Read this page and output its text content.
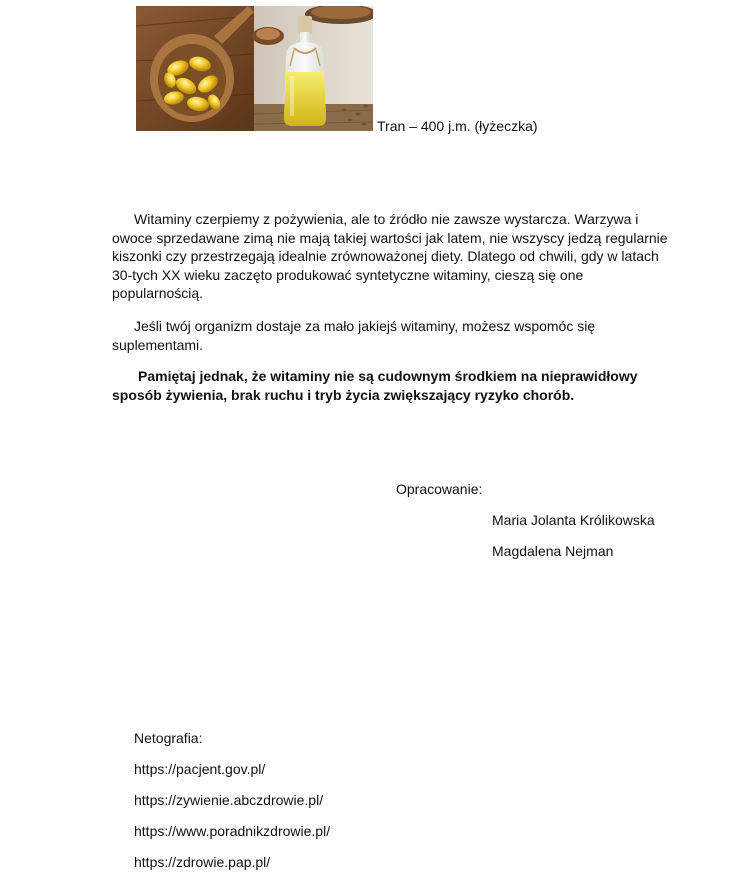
Tran – 400 j.m. (łyżeczka)

Witaminy czerpiemy z pożywienia, ale to źródło nie zawsze wystarcza. Warzywa i owoce sprzedawane zimą nie mają takiej wartości jak latem, nie wszyscy jedzą regularnie kiszonki czy przestrzegają idealnie zrównoważonej diety. Dlatego od chwili, gdy w latach 30-tych XX wieku zaczęto produkować syntetyczne witaminy, cieszą się one popularnością.

Jeśli twój organizm dostaje za mało jakiejś witaminy, możesz wspomóc się suplementami.

Pamiętaj jednak, że witaminy nie są cudownym środkiem na nieprawidłowy sposób żywienia, brak ruchu i tryb życia zwiększający ryzyko chorób.

Opracowanie:
Maria Jolanta Królikowska
Magdalena Nejman
Netografia:
https://pacjent.gov.pl/
https://zywienie.abczdrowie.pl/
https://www.poradnikzdrowie.pl/
https://zdrowie.pap.pl/
